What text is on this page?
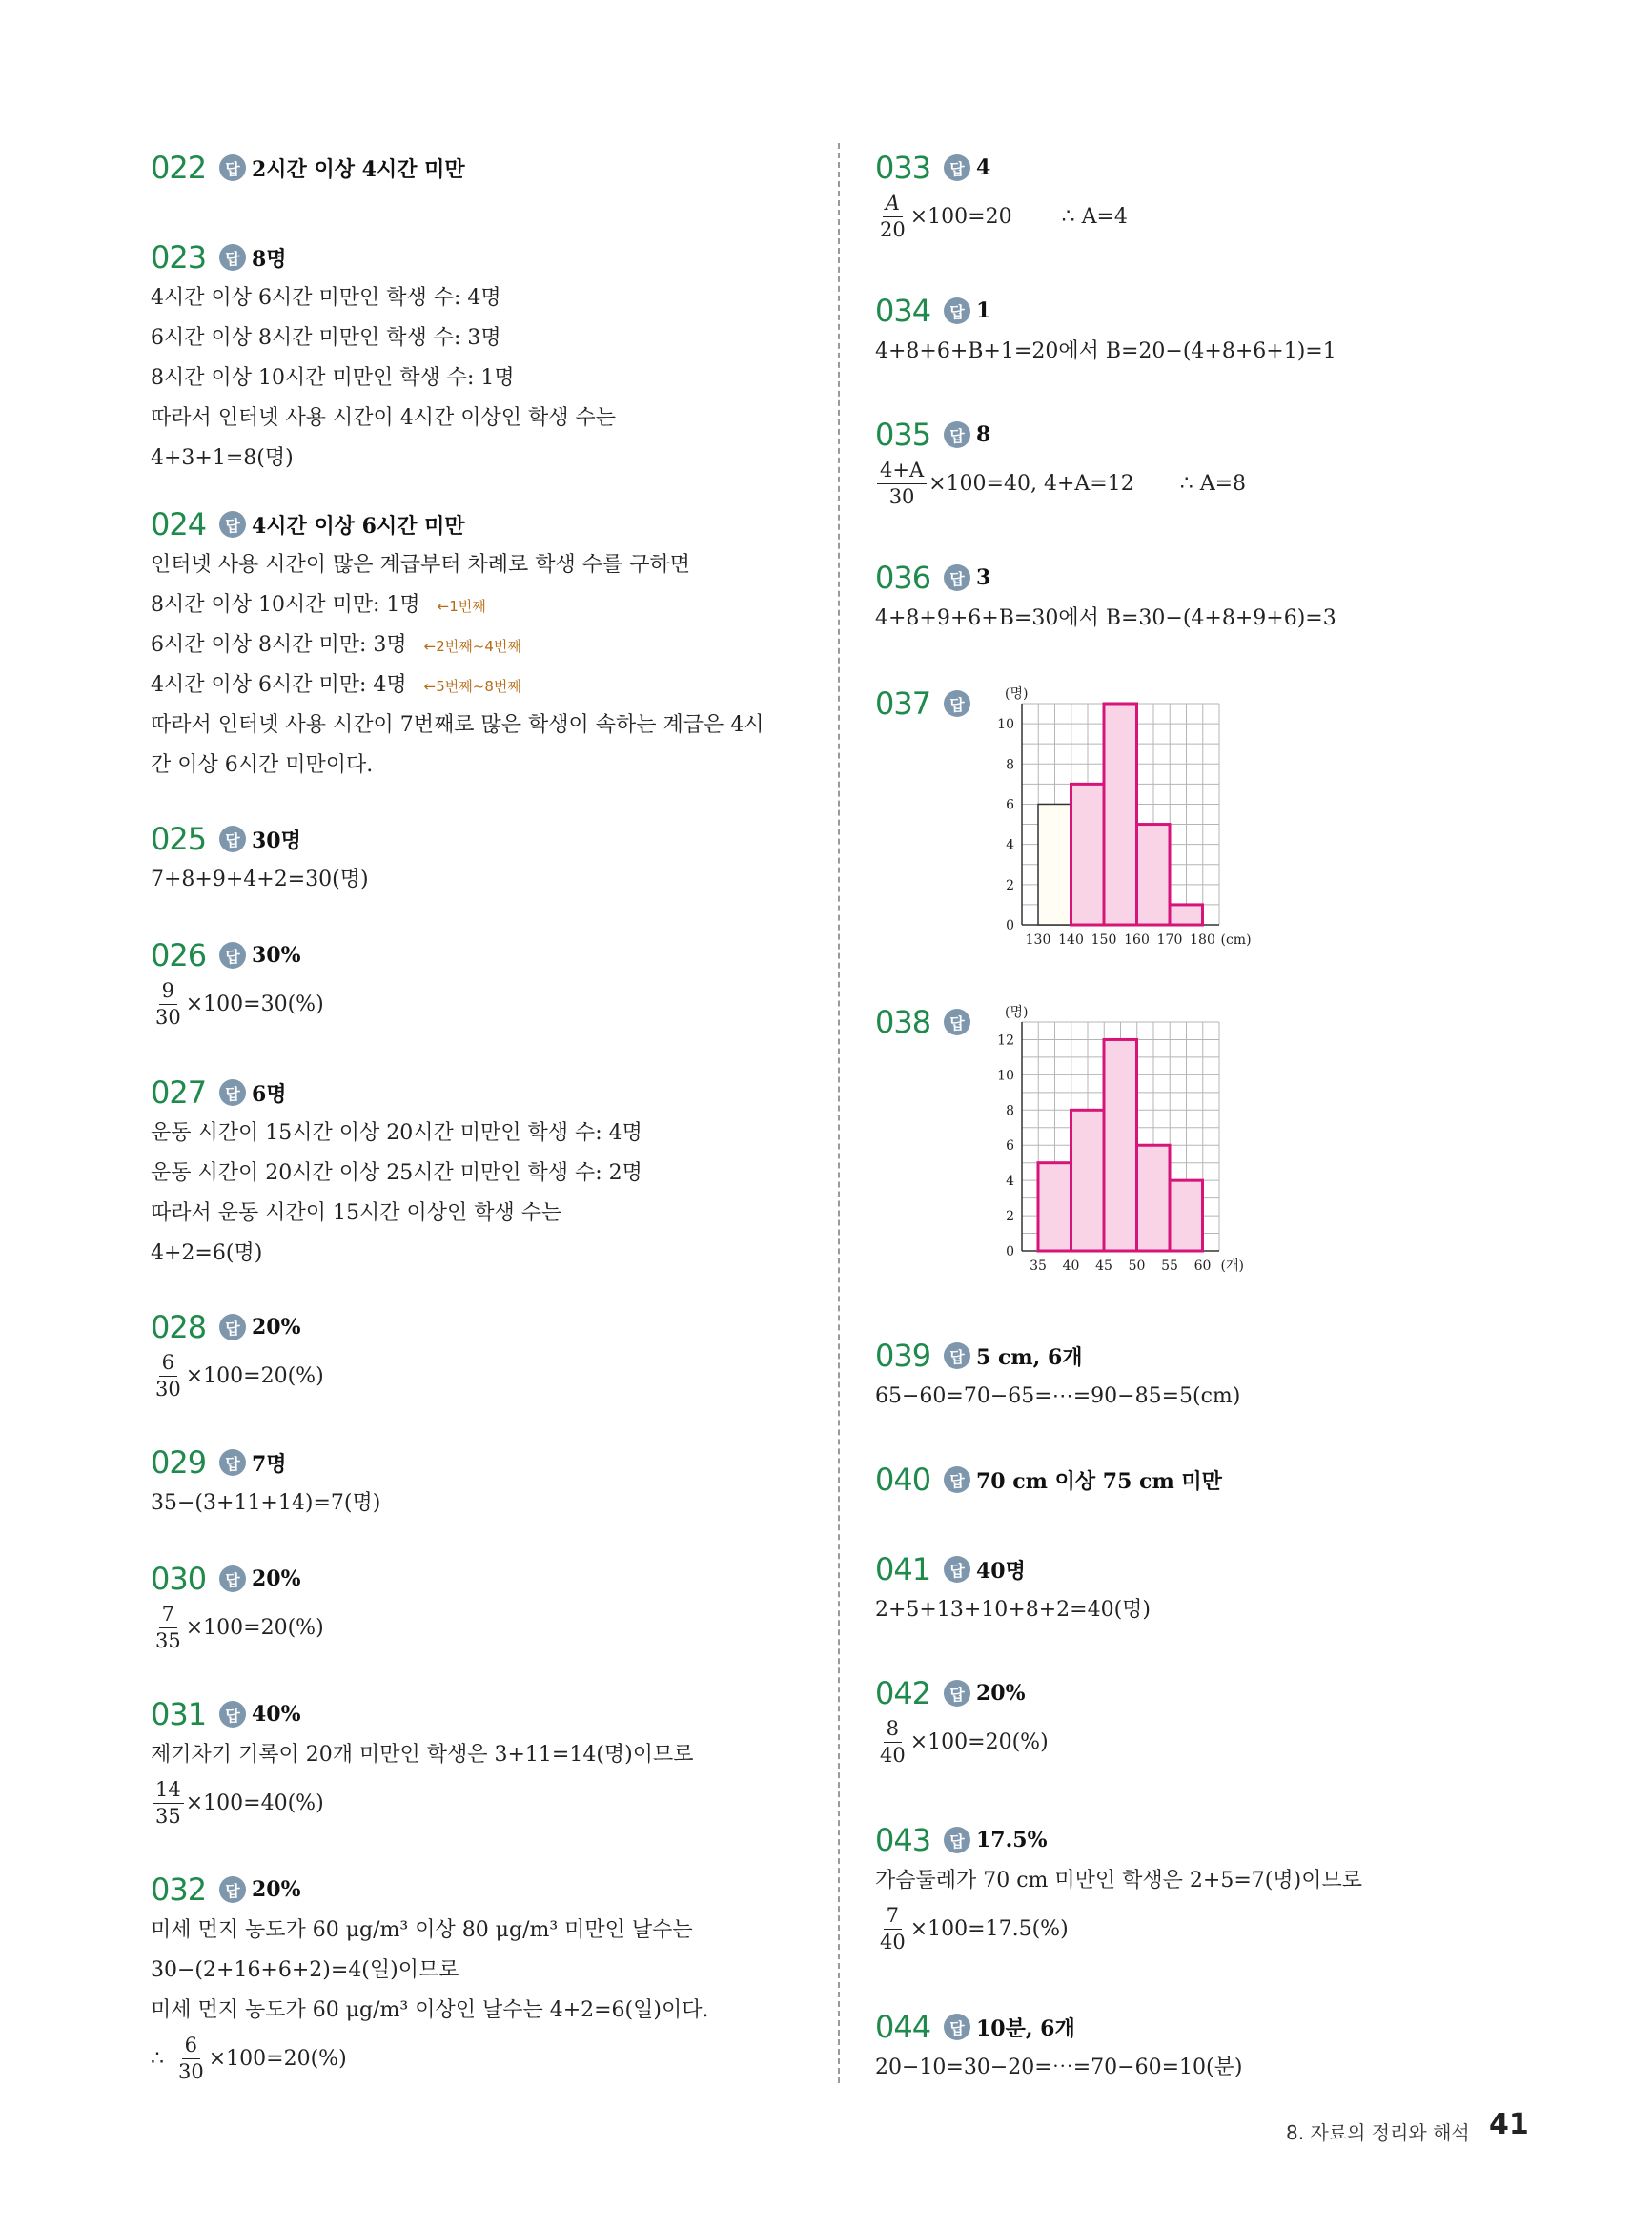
022	답 2시간 이상 4시간 미만
023	답 8명
4시간 이상 6시간 미만인 학생 수: 4명
6시간 이상 8시간 미만인 학생 수: 3명
8시간 이상 10시간 미만인 학생 수: 1명
따라서 인터넷 사용 시간이 4시간 이상인 학생 수는
4+3+1=8(명)
024	답 4시간 이상 6시간 미만
인터넷 사용 시간이 많은 계급부터 차례로 학생 수를 구하면
8시간 이상 10시간 미만: 1명 ←1번째
6시간 이상 8시간 미만: 3명 ←2번째~4번째
4시간 이상 6시간 미만: 4명 ←5번째~8번째
따라서 인터넷 사용 시간이 7번째로 많은 학생이 속하는 계급은 4시
간 이상 6시간 미만이다.
025	답 30명
7+8+9+4+2=30(명)
026	답 30%
$\frac{9}{30} \times 100=30(\%)$
027	답 6명
운동 시간이 15시간 이상 20시간 미만인 학생 수: 4명
운동 시간이 20시간 이상 25시간 미만인 학생 수: 2명
따라서 운동 시간이 15시간 이상인 학생 수는
4+2=6(명)
028	답 20%
$\frac{6}{30} \times 100=20(\%)$
029	답 7명
35−(3+11+14)=7(명)
030	답 20%
$\frac{7}{35} \times 100=20(\%)$
031	답 40%
제기차기 기록이 20개 미만인 학생은 3+11=14(명)이므로
$\frac{14}{35} \times 100=40(\%)$
032	답 20%
미세 먼지 농도가 60 μg/m³ 이상 80 μg/m³ 미만인 날수는
30−(2+16+6+2)=4(일)이므로
미세 먼지 농도가 60 μg/m³ 이상인 날수는 4+2=6(일)이다.
∴ $\frac{6}{30} \times 100=20(\%)$
033	답 4
$\frac{A}{20} \times 100=20$ ∴ A=4
034	답 1
4+8+6+B+1=20에서 B=20−(4+8+6+1)=1
035	답 8
$\frac{4+A}{30} \times 100=40$, 4+A=12 ∴ A=8
036	답 3
4+8+9+6+B=30에서 B=30−(4+8+9+6)=3
037	답
0
2
4
6
8
10
(명)
130 140 150 160 170 180 (cm)
038	답
0
2
4
6
8
10
12
(명)
35 40 45 50 55 60 (개)
039	답 5 cm, 6개
65−60=70−65=⋯=90−85=5(cm)
040	답 70 cm 이상 75 cm 미만
041	답 40명
2+5+13+10+8+2=40(명)
042	답 20%
$\frac{8}{40} \times 100=20(\%)$
043	답 17.5%
가슴둘레가 70 cm 미만인 학생은 2+5=7(명)이므로
$\frac{7}{40} \times 100=17.5(\%)$
044	답 10분, 6개
20−10=30−20=⋯=70−60=10(분)
8. 자료의 정리와 해석 41
